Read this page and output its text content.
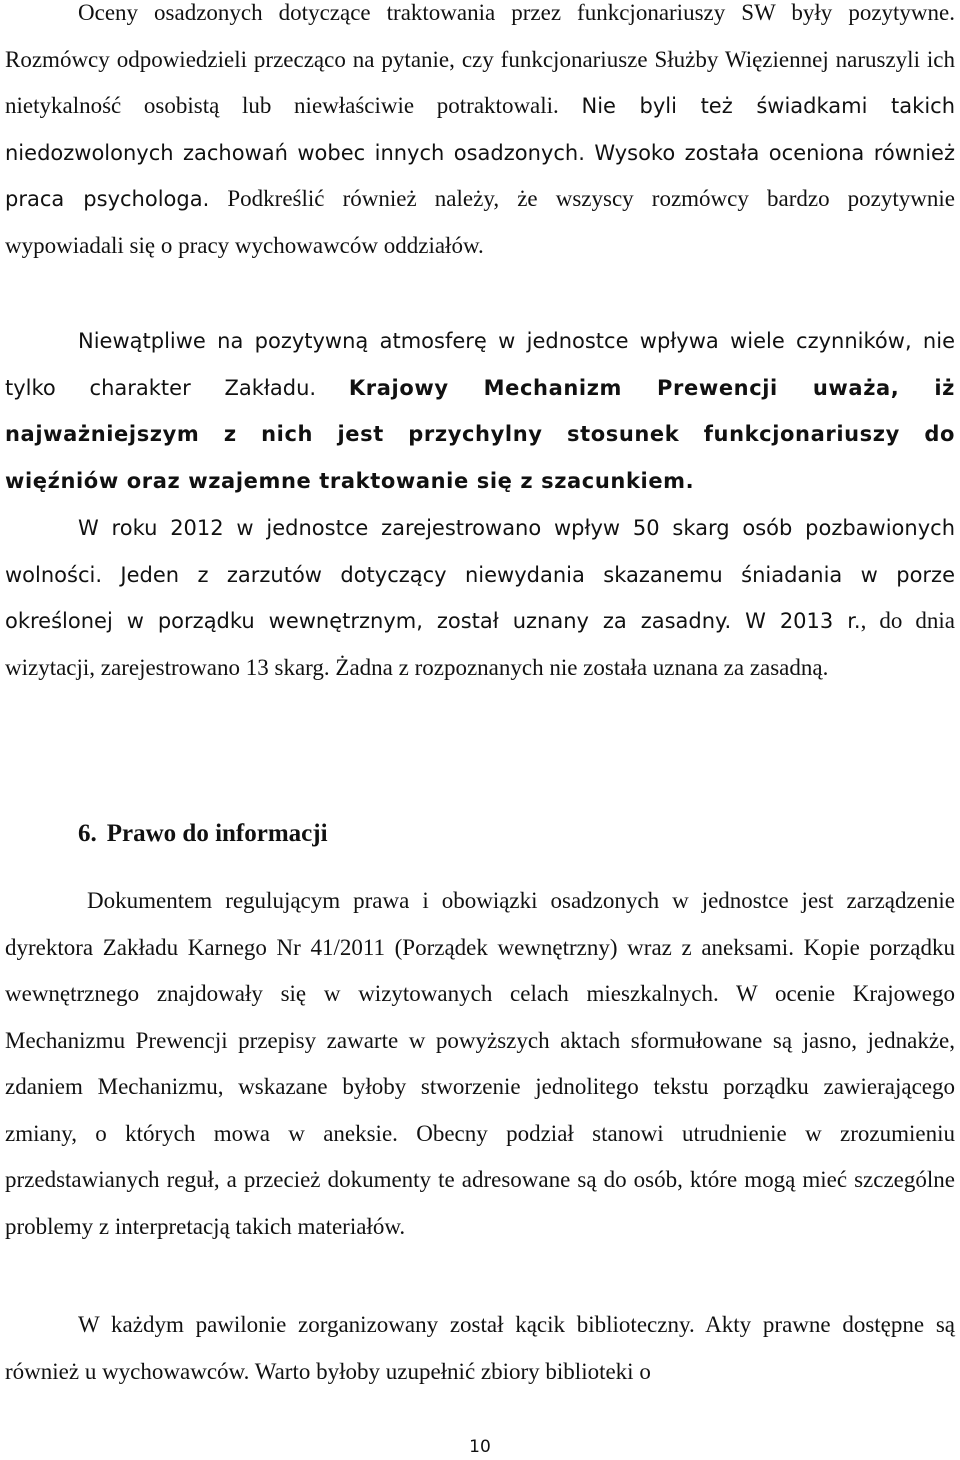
Oceny osadzonych dotyczące traktowania przez funkcjonariuszy SW były pozytywne. Rozmówcy odpowiedzieli przecząco na pytanie, czy funkcjonariusze Służby Więziennej naruszyli ich nietykalność osobistą lub niewłaściwie potraktowali. Nie byli też świadkami takich niedozwolonych zachowań wobec innych osadzonych. Wysoko została oceniona również praca psychologa. Podkreślić również należy, że wszyscy rozmówcy bardzo pozytywnie wypowiadali się o pracy wychowawców oddziałów.

Niewątpliwe na pozytywną atmosferę w jednostce wpływa wiele czynników, nie tylko charakter Zakładu. Krajowy Mechanizm Prewencji uważa, iż najważniejszym z nich jest przychylny stosunek funkcjonariuszy do więźniów oraz wzajemne traktowanie się z szacunkiem.

W roku 2012 w jednostce zarejestrowano wpływ 50 skarg osób pozbawionych wolności. Jeden z zarzutów dotyczący niewydania skazanemu śniadania w porze określonej w porządku wewnętrznym, został uznany za zasadny. W 2013 r., do dnia wizytacji, zarejestrowano 13 skarg. Żadna z rozpoznanych nie została uznana za zasadną.

6. Prawo do informacji

Dokumentem regulującym prawa i obowiązki osadzonych w jednostce jest zarządzenie dyrektora Zakładu Karnego Nr 41/2011 (Porządek wewnętrzny) wraz z aneksami. Kopie porządku wewnętrznego znajdowały się w wizytowanych celach mieszkalnych. W ocenie Krajowego Mechanizmu Prewencji przepisy zawarte w powyższych aktach sformułowane są jasno, jednakże, zdaniem Mechanizmu, wskazane byłoby stworzenie jednolitego tekstu porządku zawierającego zmiany, o których mowa w aneksie. Obecny podział stanowi utrudnienie w zrozumieniu przedstawianych reguł, a przecież dokumenty te adresowane są do osób, które mogą mieć szczególne problemy z interpretacją takich materiałów.

W każdym pawilonie zorganizowany został kącik biblioteczny. Akty prawne dostępne są również u wychowawców. Warto byłoby uzupełnić zbiory biblioteki o

10
